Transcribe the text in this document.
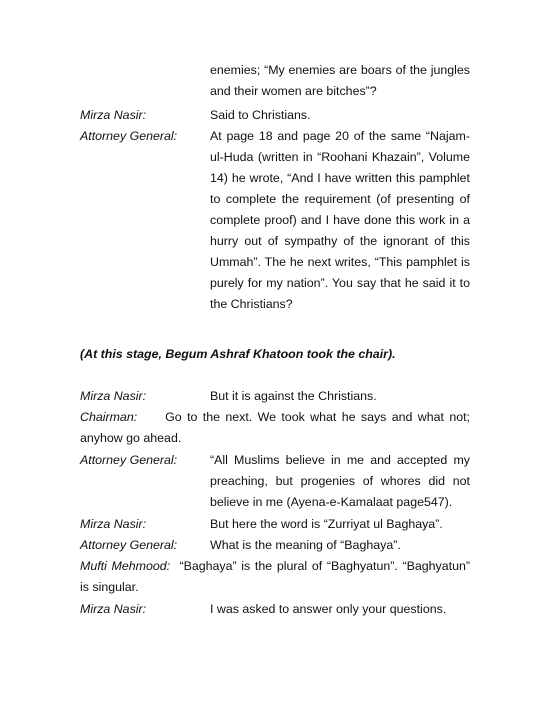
enemies; “My enemies are boars of the jungles and their women are bitches”?
Mirza Nasir:	Said to Christians.
Attorney General:	At page 18 and page 20 of the same “Najam-ul-Huda (written in “Roohani Khazain”, Volume 14) he wrote, “And I have written this pamphlet to complete the requirement (of presenting of complete proof) and I have done this work in a hurry out of sympathy of the ignorant of this Ummah”. The he next writes, “This pamphlet is purely for my nation”. You say that he said it to the Christians?
(At this stage, Begum Ashraf Khatoon took the chair).
Mirza Nasir:	But it is against the Christians.
Chairman: Go to the next. We took what he says and what not; anyhow go ahead.
Attorney General:	“All Muslims believe in me and accepted my preaching, but progenies of whores did not believe in me (Ayena-e-Kamalaat page547).
Mirza Nasir:	But here the word is “Zurriyat ul Baghaya”.
Attorney General:	What is the meaning of “Baghaya”.
Mufti Mehmood: “Baghaya” is the plural of “Baghyatun”. “Baghyatun” is singular.
Mirza Nasir:	I was asked to answer only your questions.
